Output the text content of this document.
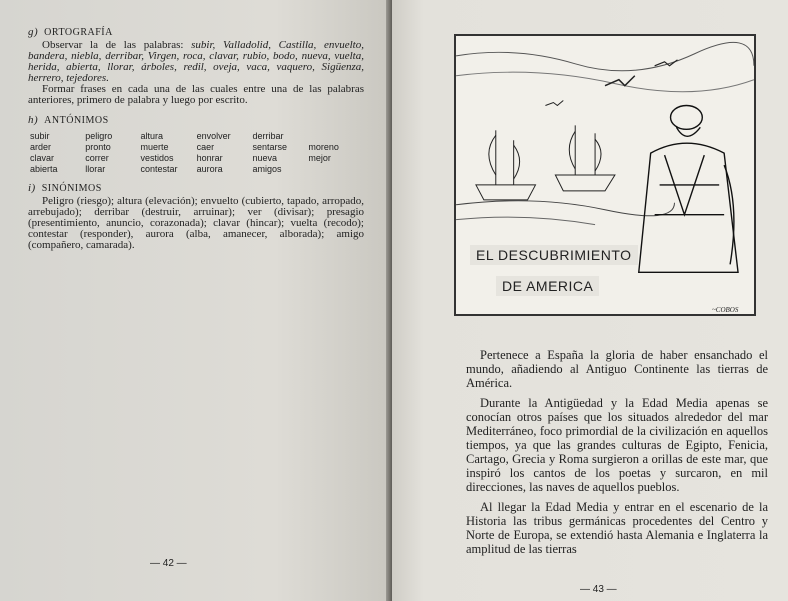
g) ORTOGRAFÍA

Observar la de las palabras: subir, Valladolid, Castilla, envuelto, bandera, niebla, derribar, Virgen, roca, clavar, rubio, bodo, nueva, vuelta, herida, abierta, llorar, árboles, redil, oveja, vaca, vaquero, Sigüenza, herrero, tejedores.

Formar frases en cada una de las cuales entre una de las palabras anteriores, primero de palabra y luego por escrito.

h) ANTÓNIMOS
subir	peligro	altura	envolver	derribar	
arder	pronto	muerte	caer	sentarse	moreno
clavar	correr	vestidos	honrar	nueva	mejor
abierta	llorar	contestar	aurora	amigos	
i) SINÓNIMOS

Peligro (riesgo); altura (elevación); envuelto (cubierto, tapado, arropado, arrebujado); derribar (destruir, arruinar); ver (divisar); presagio (presentimiento, anuncio, corazonada); clavar (hincar); vuelta (recodo); contestar (responder), aurora (alba, amanecer, alborada); amigo (compañero, camarada).

— 42 —
EL DESCUBRIMIENTO
DE AMERICA
~COBOS

Pertenece a España la gloria de haber ensanchado el mundo, añadiendo al Antiguo Continente las tierras de América.

Durante la Antigüedad y la Edad Media apenas se conocían otros países que los situados alrededor del mar Mediterráneo, foco primordial de la civilización en aquellos tiempos, ya que las grandes culturas de Egipto, Fenicia, Cartago, Grecia y Roma surgieron a orillas de este mar, que inspiró los cantos de los poetas y surcaron, en mil direcciones, las naves de aquellos pueblos.

Al llegar la Edad Media y entrar en el escenario de la Historia las tribus germánicas procedentes del Centro y Norte de Europa, se extendió hasta Alemania e Inglaterra la amplitud de las tierras

— 43 —
